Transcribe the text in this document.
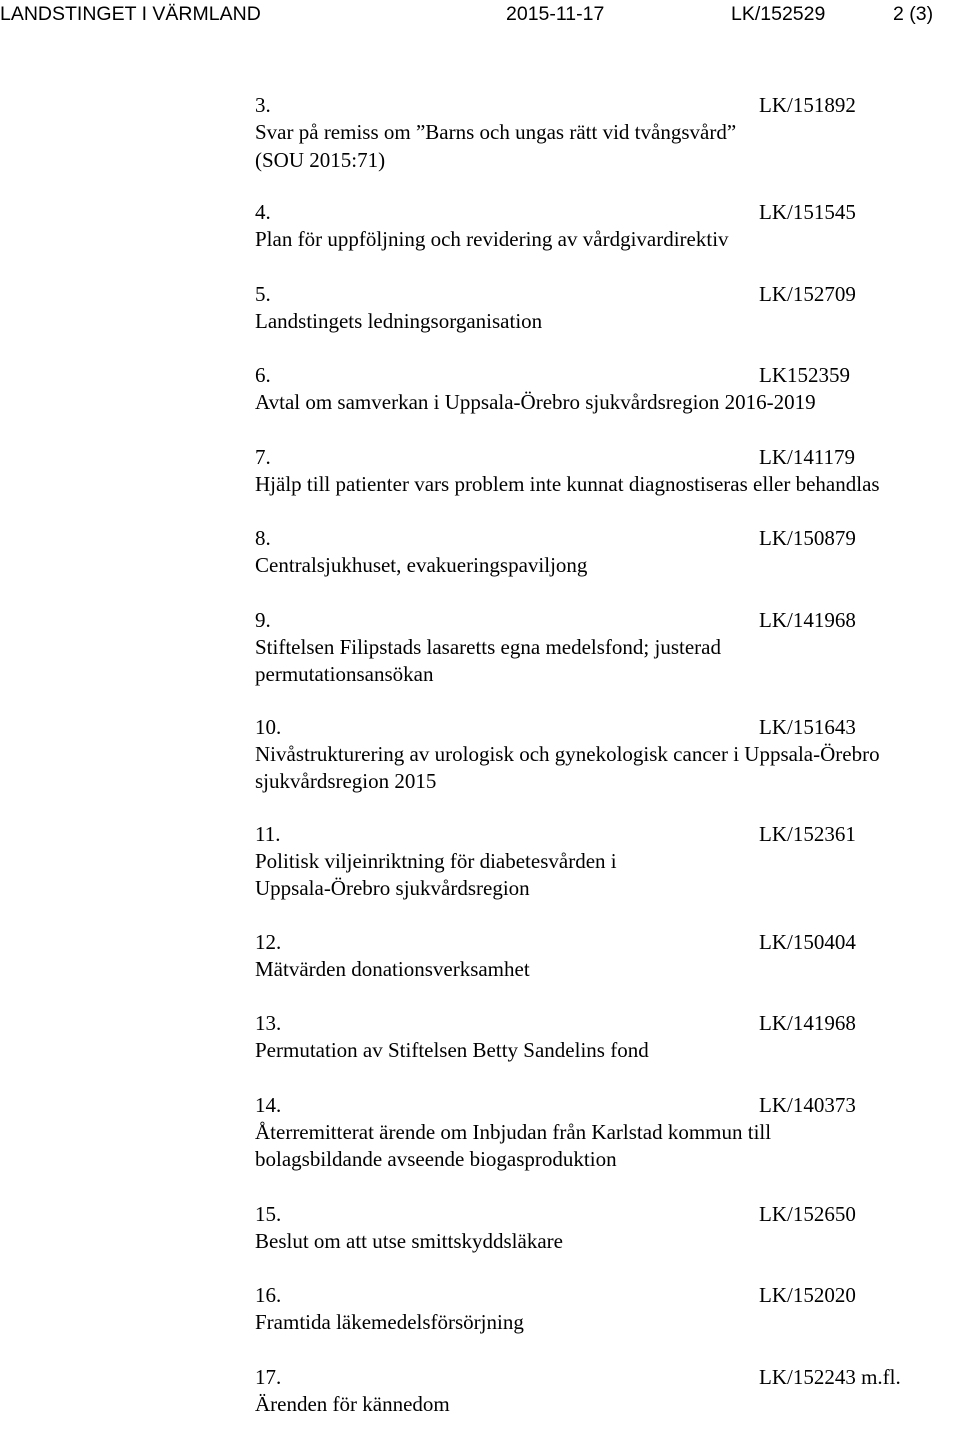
LANDSTINGET I VÄRMLAND	2015-11-17	LK/152529	2 (3)
3.	LK/151892
Svar på remiss om ”Barns och ungas rätt vid tvångsvård”
(SOU 2015:71)
4.	LK/151545
Plan för uppföljning och revidering av vårdgivardirektiv
5.	LK/152709
Landstingets ledningsorganisation
6.	LK152359
Avtal om samverkan i Uppsala-Örebro sjukvårdsregion 2016-2019
7.	LK/141179
Hjälp till patienter vars problem inte kunnat diagnostiseras eller behandlas
8.	LK/150879
Centralsjukhuset, evakueringspaviljong
9.	LK/141968
Stiftelsen Filipstads lasaretts egna medelsfond; justerad
permutationsansökan
10.	LK/151643
Nivåstrukturering av urologisk och gynekologisk cancer i Uppsala-Örebro
sjukvårdsregion 2015
11.	LK/152361
Politisk viljeinriktning för diabetesvården i
Uppsala-Örebro sjukvårdsregion
12.	LK/150404
Mätvärden donationsverksamhet
13.	LK/141968
Permutation av Stiftelsen Betty Sandelins fond
14.	LK/140373
Återremitterat ärende om Inbjudan från Karlstad kommun till
bolagsbildande avseende biogasproduktion
15.	LK/152650
Beslut om att utse smittskyddsläkare
16.	LK/152020
Framtida läkemedelsförsörjning
17.	LK/152243 m.fl.
Ärenden för kännedom
